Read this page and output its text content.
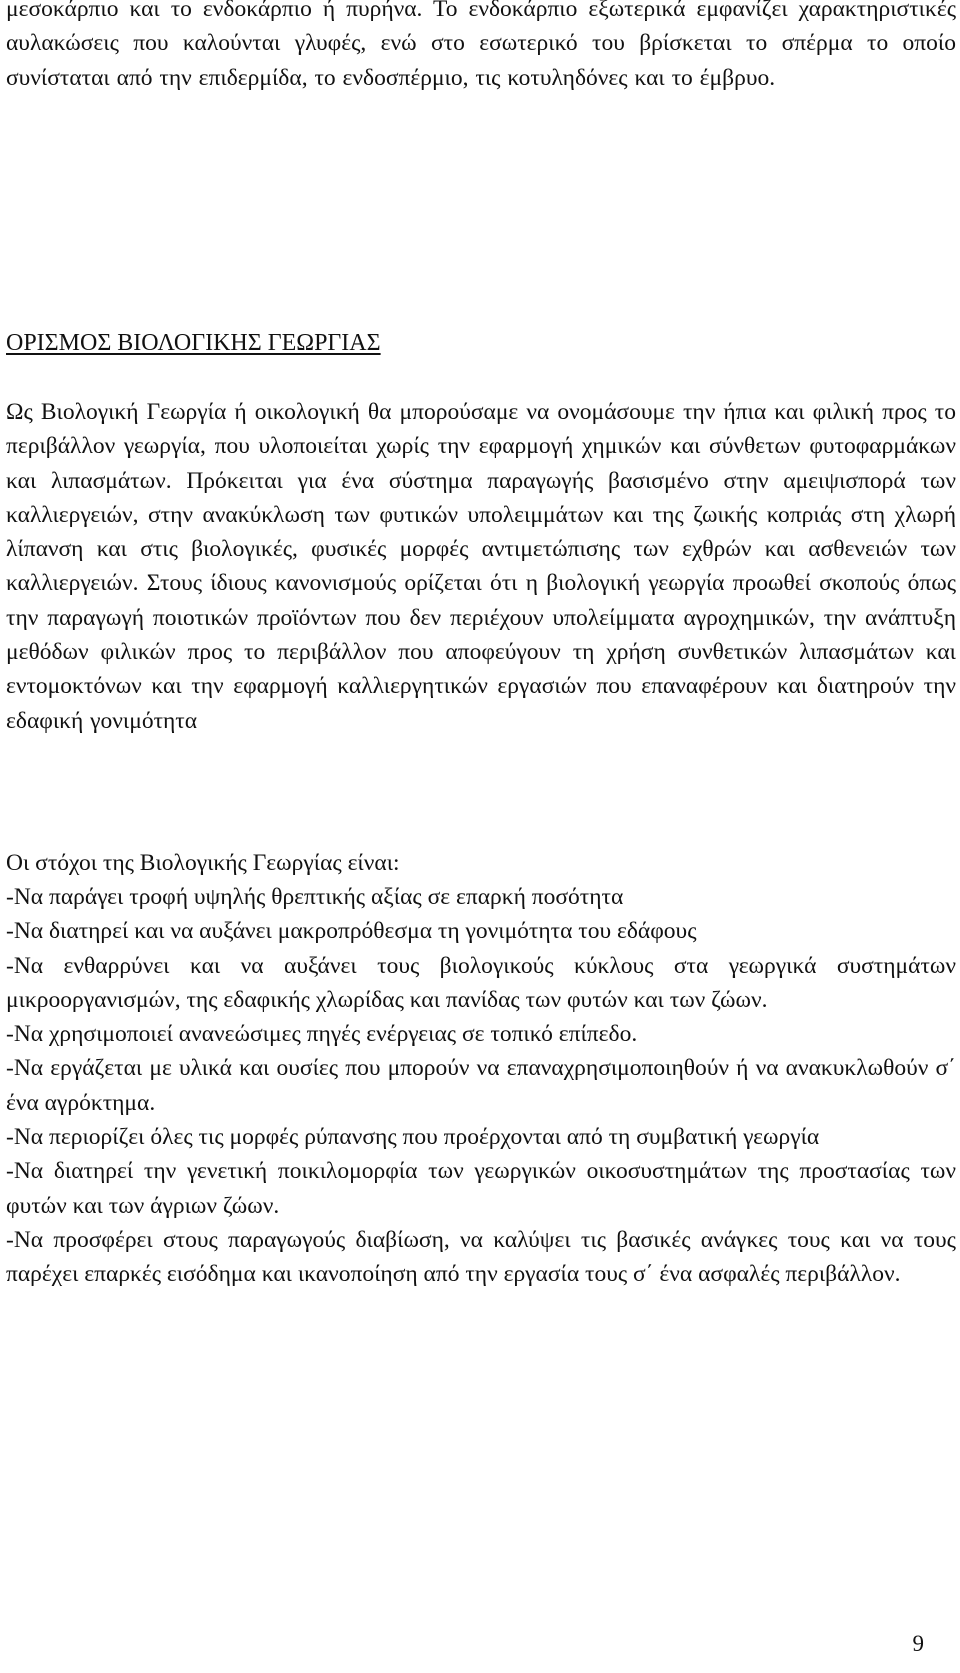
μεσοκάρπιο και το ενδοκάρπιο ή πυρήνα. Το ενδοκάρπιο εξωτερικά εμφανίζει χαρακτηριστικές αυλακώσεις που καλούνται γλυφές, ενώ στο εσωτερικό του βρίσκεται το σπέρμα το οποίο συνίσταται από την επιδερμίδα, το ενδοσπέρμιο, τις κοτυληδόνες και το έμβρυο.

ΟΡΙΣΜΟΣ ΒΙΟΛΟΓΙΚΗΣ ΓΕΩΡΓΙΑΣ

Ως Βιολογική Γεωργία ή οικολογική θα μπορούσαμε να ονομάσουμε την ήπια και φιλική προς το περιβάλλον γεωργία, που υλοποιείται χωρίς την εφαρμογή χημικών και σύνθετων φυτοφαρμάκων και λιπασμάτων. Πρόκειται για ένα σύστημα παραγωγής βασισμένο στην αμειψισπορά των καλλιεργειών, στην ανακύκλωση των φυτικών υπολειμμάτων και της ζωικής κοπριάς στη χλωρή λίπανση και στις βιολογικές, φυσικές μορφές αντιμετώπισης των εχθρών και ασθενειών των καλλιεργειών. Στους ίδιους κανονισμούς ορίζεται ότι η βιολογική γεωργία προωθεί σκοπούς όπως την παραγωγή ποιοτικών προϊόντων που δεν περιέχουν υπολείμματα αγροχημικών, την ανάπτυξη μεθόδων φιλικών προς το περιβάλλον που αποφεύγουν τη χρήση συνθετικών λιπασμάτων και εντομοκτόνων και την εφαρμογή καλλιεργητικών εργασιών που επαναφέρουν και διατηρούν την εδαφική γονιμότητα

Οι στόχοι της Βιολογικής Γεωργίας είναι:

-Να παράγει τροφή υψηλής θρεπτικής αξίας σε επαρκή ποσότητα
-Να διατηρεί και να αυξάνει μακροπρόθεσμα τη γονιμότητα του εδάφους
-Να ενθαρρύνει και να αυξάνει τους βιολογικούς κύκλους στα γεωργικά συστημάτων μικροοργανισμών, της εδαφικής χλωρίδας και πανίδας των φυτών και των ζώων.
-Να χρησιμοποιεί ανανεώσιμες πηγές ενέργειας σε τοπικό επίπεδο.
-Να εργάζεται με υλικά και ουσίες που μπορούν να επαναχρησιμοποιηθούν ή να ανακυκλωθούν σ΄ ένα αγρόκτημα.
-Να περιορίζει όλες τις μορφές ρύπανσης που προέρχονται από τη συμβατική γεωργία
-Να διατηρεί την γενετική ποικιλομορφία των γεωργικών οικοσυστημάτων της προστασίας των φυτών και των άγριων ζώων.
-Να προσφέρει στους παραγωγούς διαβίωση, να καλύψει τις βασικές ανάγκες τους και να τους παρέχει επαρκές εισόδημα και ικανοποίηση από την εργασία τους σ΄ ένα ασφαλές περιβάλλον.
9
